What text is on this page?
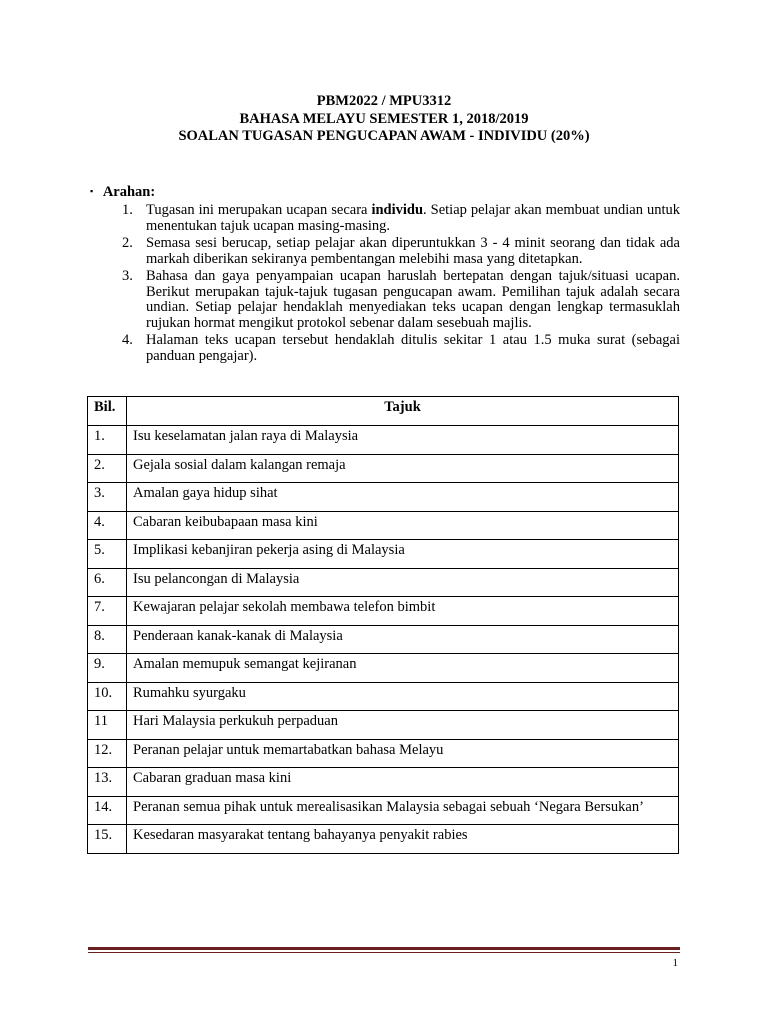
PBM2022 / MPU3312
BAHASA MELAYU SEMESTER 1, 2018/2019
SOALAN TUGASAN PENGUCAPAN AWAM - INDIVIDU (20%)
▪ Arahan:
1. Tugasan ini merupakan ucapan secara individu. Setiap pelajar akan membuat undian untuk menentukan tajuk ucapan masing-masing.
2. Semasa sesi berucap, setiap pelajar akan diperuntukkan 3 - 4 minit seorang dan tidak ada markah diberikan sekiranya pembentangan melebihi masa yang ditetapkan.
3. Bahasa dan gaya penyampaian ucapan haruslah bertepatan dengan tajuk/situasi ucapan. Berikut merupakan tajuk-tajuk tugasan pengucapan awam. Pemilihan tajuk adalah secara undian. Setiap pelajar hendaklah menyediakan teks ucapan dengan lengkap termasuklah rujukan hormat mengikut protokol sebenar dalam sesebuah majlis.
4. Halaman teks ucapan tersebut hendaklah ditulis sekitar 1 atau 1.5 muka surat (sebagai panduan pengajar).
Bil.	Tajuk
1.	Isu keselamatan jalan raya di Malaysia
2.	Gejala sosial dalam kalangan remaja
3.	Amalan gaya hidup sihat
4.	Cabaran keibubapaan masa kini
5.	Implikasi kebanjiran pekerja asing di Malaysia
6.	Isu pelancongan di Malaysia
7.	Kewajaran pelajar sekolah membawa telefon bimbit
8.	Penderaan kanak-kanak di Malaysia
9.	Amalan memupuk semangat kejiranan
10.	Rumahku syurgaku
11	Hari Malaysia perkukuh perpaduan
12.	Peranan pelajar untuk memartabatkan bahasa Melayu
13.	Cabaran graduan masa kini
14.	Peranan semua pihak untuk merealisasikan Malaysia sebagai sebuah ‘Negara Bersukan’
15.	Kesedaran masyarakat tentang bahayanya penyakit rabies
1
